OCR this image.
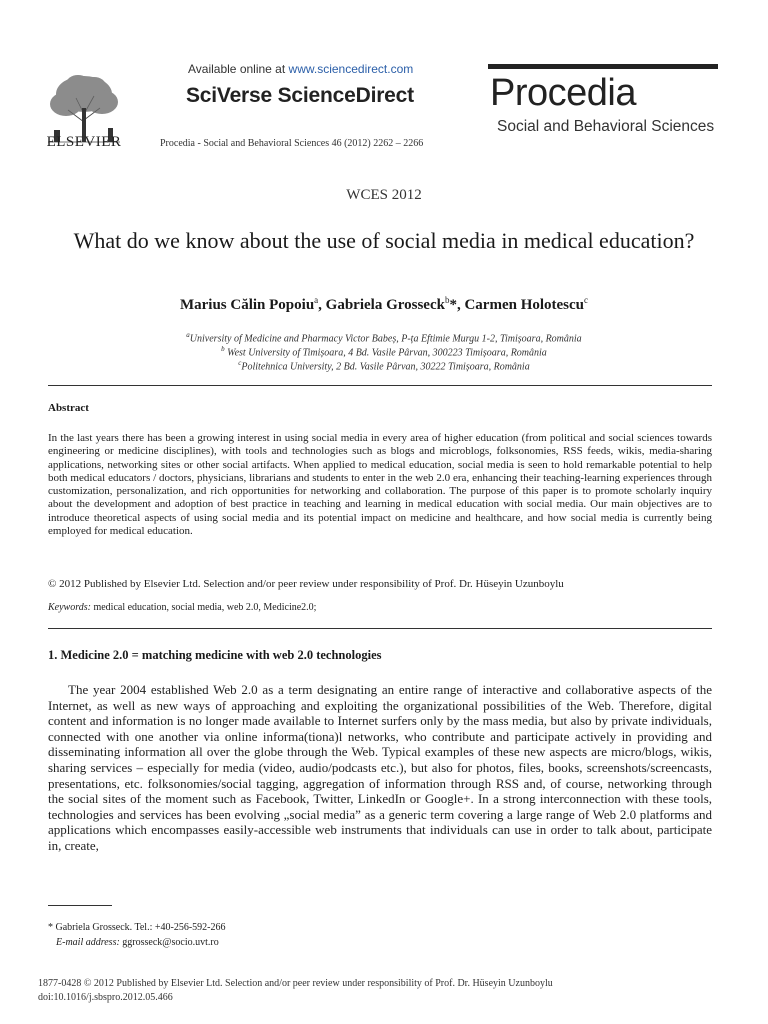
ELSEVIER
Available online at www.sciencedirect.com
SciVerse ScienceDirect
Procedia - Social and Behavioral Sciences 46 (2012) 2262 – 2266
Procedia
Social and Behavioral Sciences
WCES 2012
What do we know about the use of social media in medical education?
Marius Călin Popoiu$^a$, Gabriela Grosseck$^b$*, Carmen Holotescu$^c$
$^a$University of Medicine and Pharmacy Victor Babeș, P-ța Eftimie Murgu 1-2, Timișoara, România
$^b$ West University of Timișoara, 4 Bd. Vasile Pârvan, 300223 Timișoara, România
$^c$Politehnica University, 2 Bd. Vasile Pârvan, 30222 Timișoara, România
Abstract
In the last years there has been a growing interest in using social media in every area of higher education (from political and social sciences towards engineering or medicine disciplines), with tools and technologies such as blogs and microblogs, folksonomies, RSS feeds, wikis, media-sharing applications, networking sites or other social artifacts. When applied to medical education, social media is seen to hold remarkable potential to help both medical educators / doctors, physicians, librarians and students to enter in the web 2.0 era, enhancing their teaching-learning experiences through customization, personalization, and rich opportunities for networking and collaboration. The purpose of this paper is to promote scholarly inquiry about the development and adoption of best practice in teaching and learning in medical education with social media. Our main objectives are to introduce theoretical aspects of using social media and its potential impact on medicine and healthcare, and how social media is currently being employed for medical education.
© 2012 Published by Elsevier Ltd. Selection and/or peer review under responsibility of Prof. Dr. Hüseyin Uzunboylu
Keywords: medical education, social media, web 2.0, Medicine2.0;
1. Medicine 2.0 = matching medicine with web 2.0 technologies
The year 2004 established Web 2.0 as a term designating an entire range of interactive and collaborative aspects of the Internet, as well as new ways of approaching and exploiting the organizational possibilities of the Web. Therefore, digital content and information is no longer made available to Internet surfers only by the mass media, but also by private individuals, connected with one another via online informa(tiona)l networks, who contribute and participate actively in providing and disseminating information all over the globe through the Web. Typical examples of these new aspects are micro/blogs, wikis, sharing services – especially for media (video, audio/podcasts etc.), but also for photos, files, books, screenshots/screencasts, presentations, etc. folksonomies/social tagging, aggregation of information through RSS and, of course, networking through the social sites of the moment such as Facebook, Twitter, LinkedIn or Google+. In a strong interconnection with these tools, technologies and services has been evolving „social media” as a generic term covering a large range of Web 2.0 platforms and applications which encompasses easily-accessible web instruments that individuals can use in order to talk about, participate in, create,
* Gabriela Grosseck. Tel.: +40-256-592-266
E-mail address: ggrosseck@socio.uvt.ro
1877-0428 © 2012 Published by Elsevier Ltd. Selection and/or peer review under responsibility of Prof. Dr. Hüseyin Uzunboylu
doi:10.1016/j.sbspro.2012.05.466
